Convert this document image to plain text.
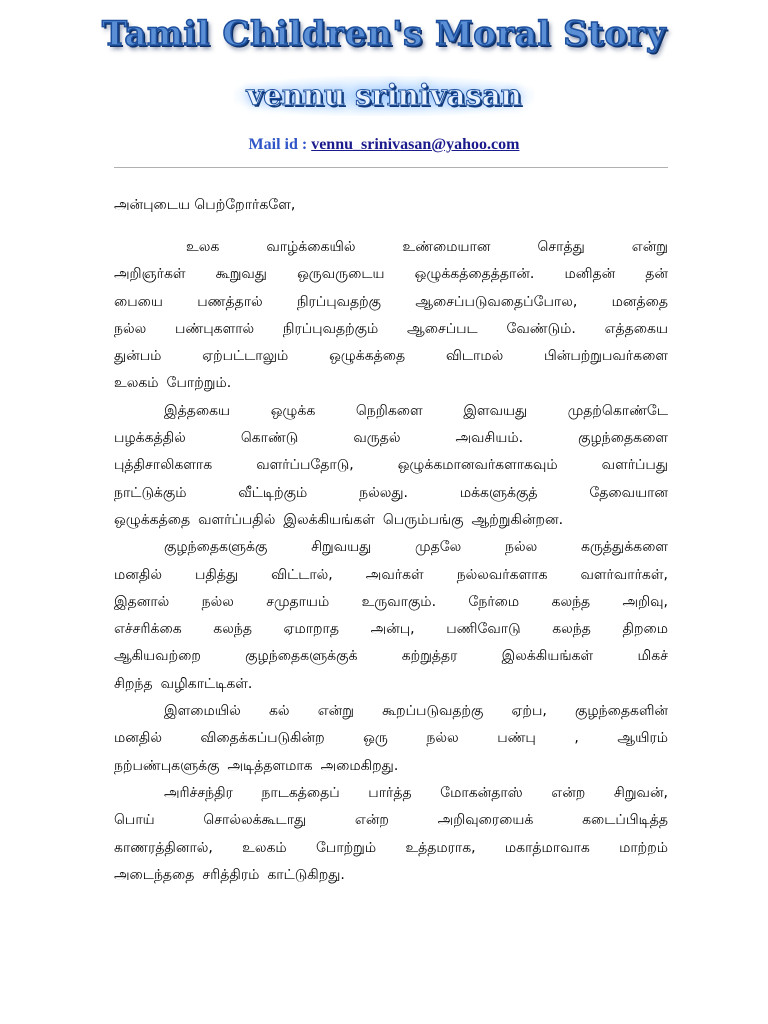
Tamil Children's Moral Story
vennu srinivasan
Mail id : vennu_srinivasan@yahoo.com
அன்புடைய பெற்றோர்களே,
உலக	வாழ்க்கையில்	உண்மையான	சொத்து	என்று
அறிஞர்கள் கூறுவது ஒருவருடைய ஒழுக்கத்தைத்தான். மனிதன் தன்
பையை பணத்தால் நிரப்புவதற்கு ஆசைப்படுவதைப்போல, மனத்தை
நல்ல பண்புகளால் நிரப்புவதற்கும் ஆசைப்பட வேண்டும். எத்தகைய
துன்பம்	ஏற்பட்டாலும்	ஒழுக்கத்தை	விடாமல்	பின்பற்றுபவர்களை
உலகம் போற்றும்.
இத்தகைய	ஒழுக்க	நெறிகளை	இளவயது	முதற்கொண்டே
பழக்கத்தில்	கொண்டு	வருதல்	அவசியம்.	குழந்தைகளை
புத்திசாலிகளாக	வளர்ப்பதோடு,	ஒழுக்கமானவர்களாகவும்	வளர்ப்பது
நாட்டுக்கும்	வீட்டிற்கும்	நல்லது.	மக்களுக்குத்	தேவையான
ஒழுக்கத்தை வளர்ப்பதில் இலக்கியங்கள் பெரும்பங்கு ஆற்றுகின்றன.
குழந்தைகளுக்கு	சிறுவயது	முதலே	நல்ல	கருத்துக்களை
மனதில் பதித்து விட்டால், அவர்கள் நல்லவர்களாக வளர்வார்கள்,
இதனால் நல்ல சமுதாயம் உருவாகும். நேர்மை கலந்த அறிவு,
எச்சரிக்கை கலந்த ஏமாறாத அன்பு, பணிவோடு கலந்த திறமை
ஆகியவற்றை	குழந்தைகளுக்குக்	கற்றுத்தர	இலக்கியங்கள்	மிகச்
சிறந்த வழிகாட்டிகள்.
இளமையில் கல் என்று கூறப்படுவதற்கு ஏற்ப, குழந்தைகளின்
மனதில்	விதைக்கப்படுகின்ற	ஒரு	நல்ல	பண்பு	,	ஆயிரம்
நற்பண்புகளுக்கு அடித்தளமாக அமைகிறது.
அரிச்சந்திர நாடகத்தைப் பார்த்த மோகன்தாஸ் என்ற சிறுவன்,
பொய்	சொல்லக்கூடாது	என்ற	அறிவுரையைக்	கடைப்பிடித்த
காணரத்தினால், உலகம் போற்றும் உத்தமராக, மகாத்மாவாக மாற்றம்
அடைந்ததை சரித்திரம் காட்டுகிறது.
